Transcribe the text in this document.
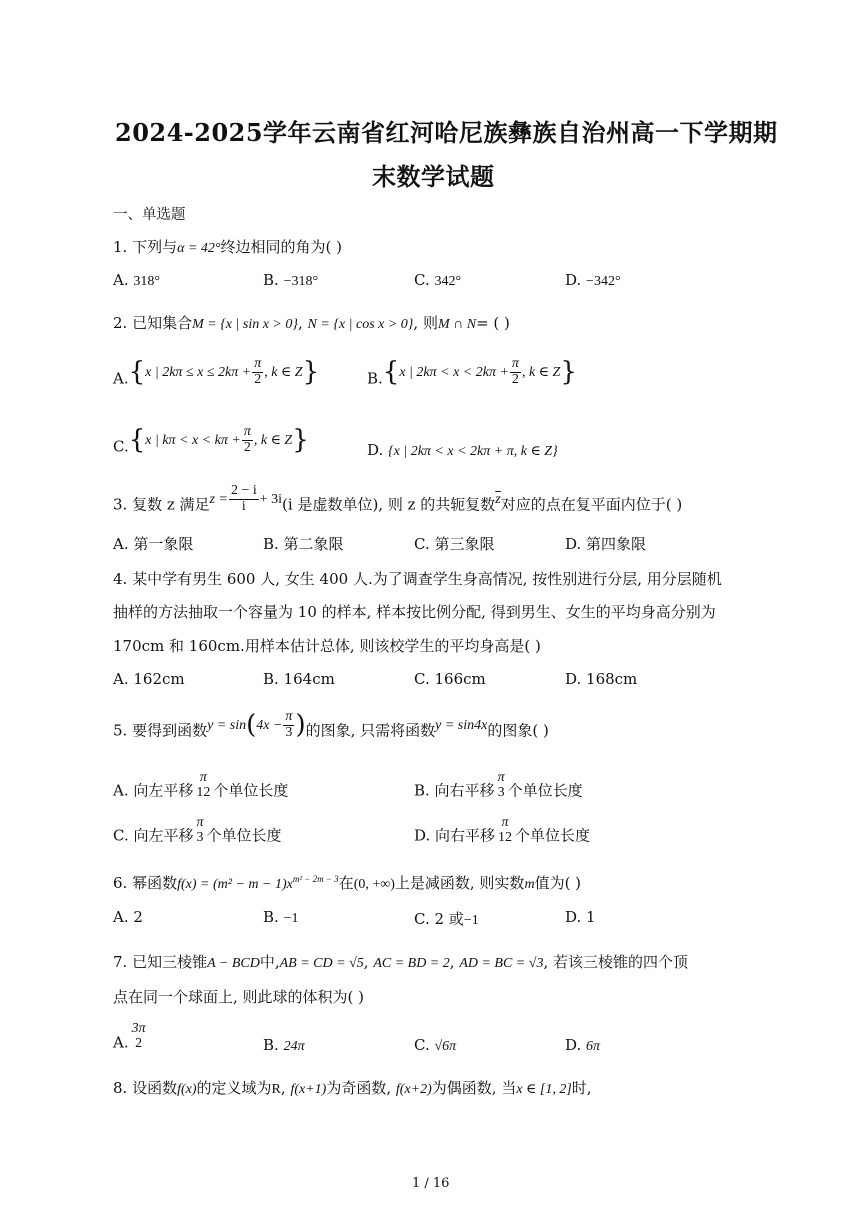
2024-2025学年云南省红河哈尼族彝族自治州高一下学期期
末数学试题
一、单选题
1. 下列与α = 42°终边相同的角为( )
A. 318°	B. −318°	C. 342°	D. −342°
2. 已知集合M = {x | sin x > 0}, N = {x | cos x > 0}, 则M ∩ N= ( )
A.{x | $2k\pi \le x \le 2k\pi + \frac{\pi}{2}$ , k ∈ Z}	B.{x | $2k\pi < x < 2k\pi + \frac{\pi}{2}$ , k ∈ Z}
C.{x | $k\pi < x < k\pi + \frac{\pi}{2}$ , k ∈ Z}	D. {x | 2kπ < x < 2kπ + π, k ∈ Z}
3. 复数 z 满足$z = \frac{2 - i}{i} + 3i(i$ 是虚数单位), 则 z 的共轭复数$\overline{z}$对应的点在复平面内位于( )
A. 第一象限	B. 第二象限	C. 第三象限	D. 第四象限
4. 某中学有男生 600 人, 女生 400 人.为了调查学生身高情况, 按性别进行分层, 用分层随机
抽样的方法抽取一个容量为 10 的样本, 样本按比例分配, 得到男生、女生的平均身高分别为
170cm 和 160cm.用样本估计总体, 则该校学生的平均身高是( )
A. 162cm	B. 164cm	C. 166cm	D. 168cm
5. 要得到函数$y = \sin(4x - \frac{\pi}{3}$ )的图象, 只需将函数y = sin4x的图象( )
A. 向左平移
π
12 个单位长度	B. 向右平移
π
3 个单位长度
C. 向左平移
π
3 个单位长度	D. 向右平移
π
12 个单位长度
6. 幂函数$f(x) = (m^2 - m - 1)x^{m^2 - 2m - 3}$在(0, +∞)上是减函数, 则实数m值为( )
A. 2	B. −1	C. 2 或−1	D. 1
7. 已知三棱锥A − BCD中,AB = CD = √5, AC = BD = 2, AD = BC = √3, 若该三棱锥的四个顶
点在同一个球面上, 则此球的体积为( )
A.
3π
2	B. 24π	C. √6π	D. 6π
8. 设函数f(x)的定义域为R, f(x+1)为奇函数, f(x+2)为偶函数, 当x ∈ [1, 2]时,
1 / 16
